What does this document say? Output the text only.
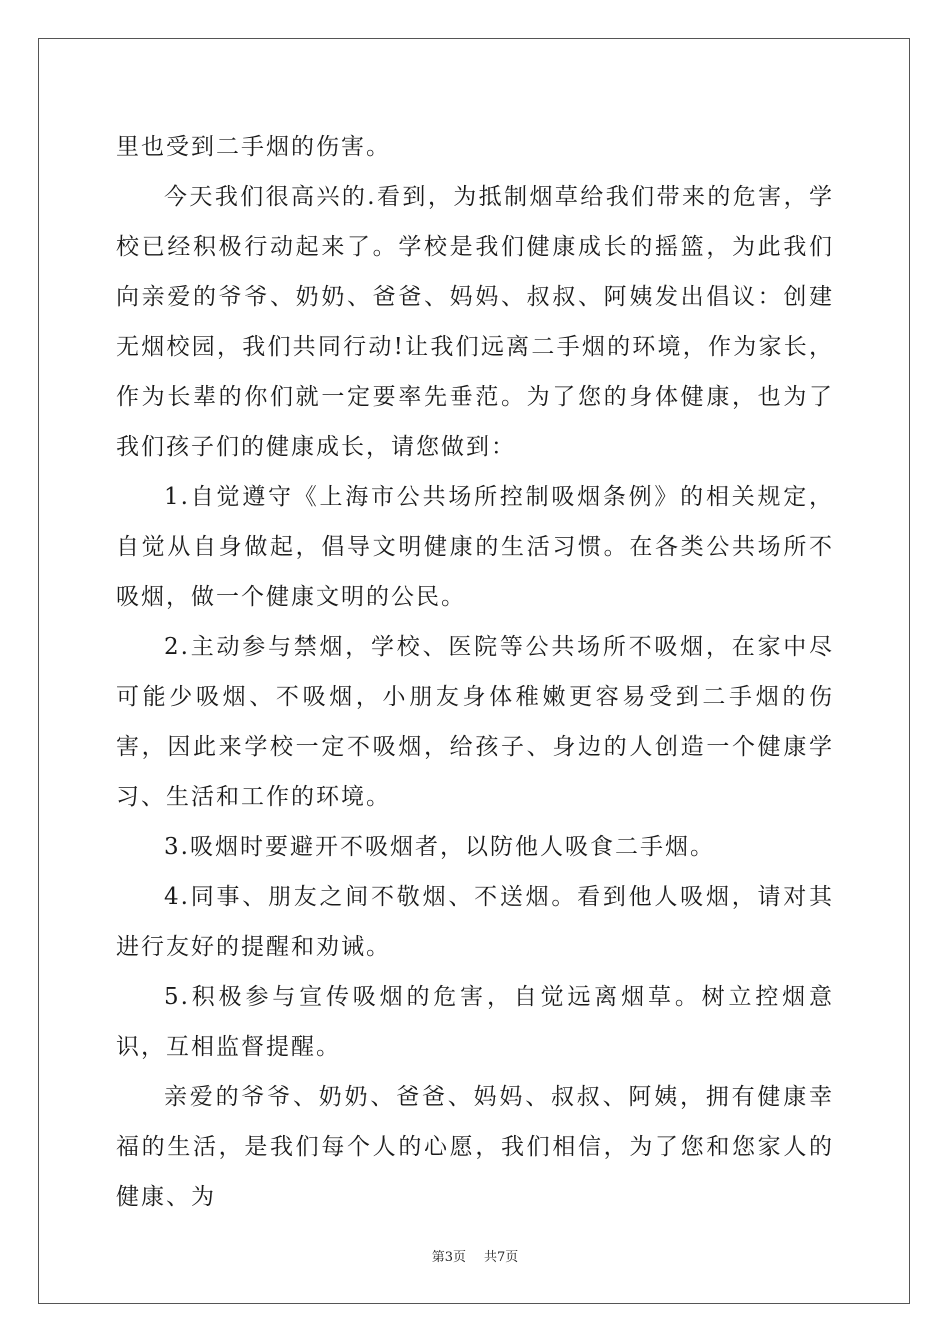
里也受到二手烟的伤害。

今天我们很高兴的.看到，为抵制烟草给我们带来的危害，学校已经积极行动起来了。学校是我们健康成长的摇篮，为此我们向亲爱的爷爷、奶奶、爸爸、妈妈、叔叔、阿姨发出倡议：创建无烟校园，我们共同行动!让我们远离二手烟的环境，作为家长，作为长辈的你们就一定要率先垂范。为了您的身体健康，也为了我们孩子们的健康成长，请您做到：

1.自觉遵守《上海市公共场所控制吸烟条例》的相关规定，自觉从自身做起，倡导文明健康的生活习惯。在各类公共场所不吸烟，做一个健康文明的公民。

2.主动参与禁烟，学校、医院等公共场所不吸烟，在家中尽可能少吸烟、不吸烟，小朋友身体稚嫩更容易受到二手烟的伤害，因此来学校一定不吸烟，给孩子、身边的人创造一个健康学习、生活和工作的环境。

3.吸烟时要避开不吸烟者，以防他人吸食二手烟。

4.同事、朋友之间不敬烟、不送烟。看到他人吸烟，请对其进行友好的提醒和劝诫。

5.积极参与宣传吸烟的危害，自觉远离烟草。树立控烟意识，互相监督提醒。

亲爱的爷爷、奶奶、爸爸、妈妈、叔叔、阿姨，拥有健康幸福的生活，是我们每个人的心愿，我们相信，为了您和您家人的健康、为

第3页 共7页
